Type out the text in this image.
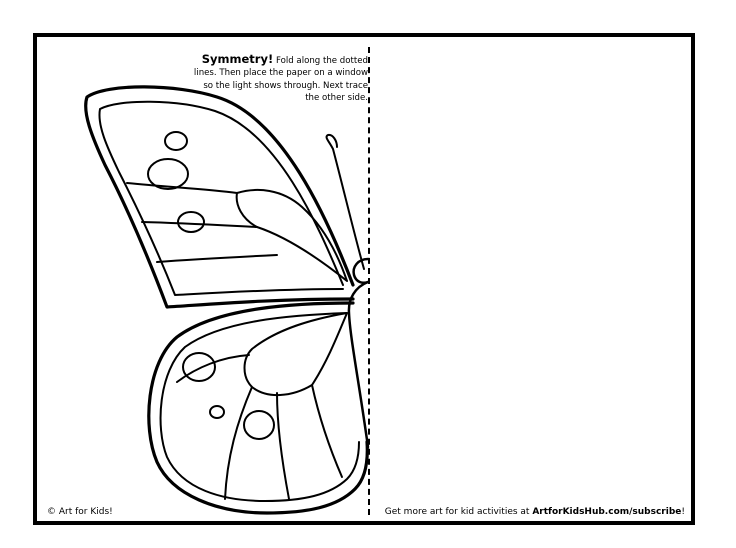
Symmetry! Fold along the dotted lines. Then place the paper on a window so the light shows through. Next trace the other side.
© Art for Kids!	Get more art for kid activities at ArtforKidsHub.com/subscribe!
